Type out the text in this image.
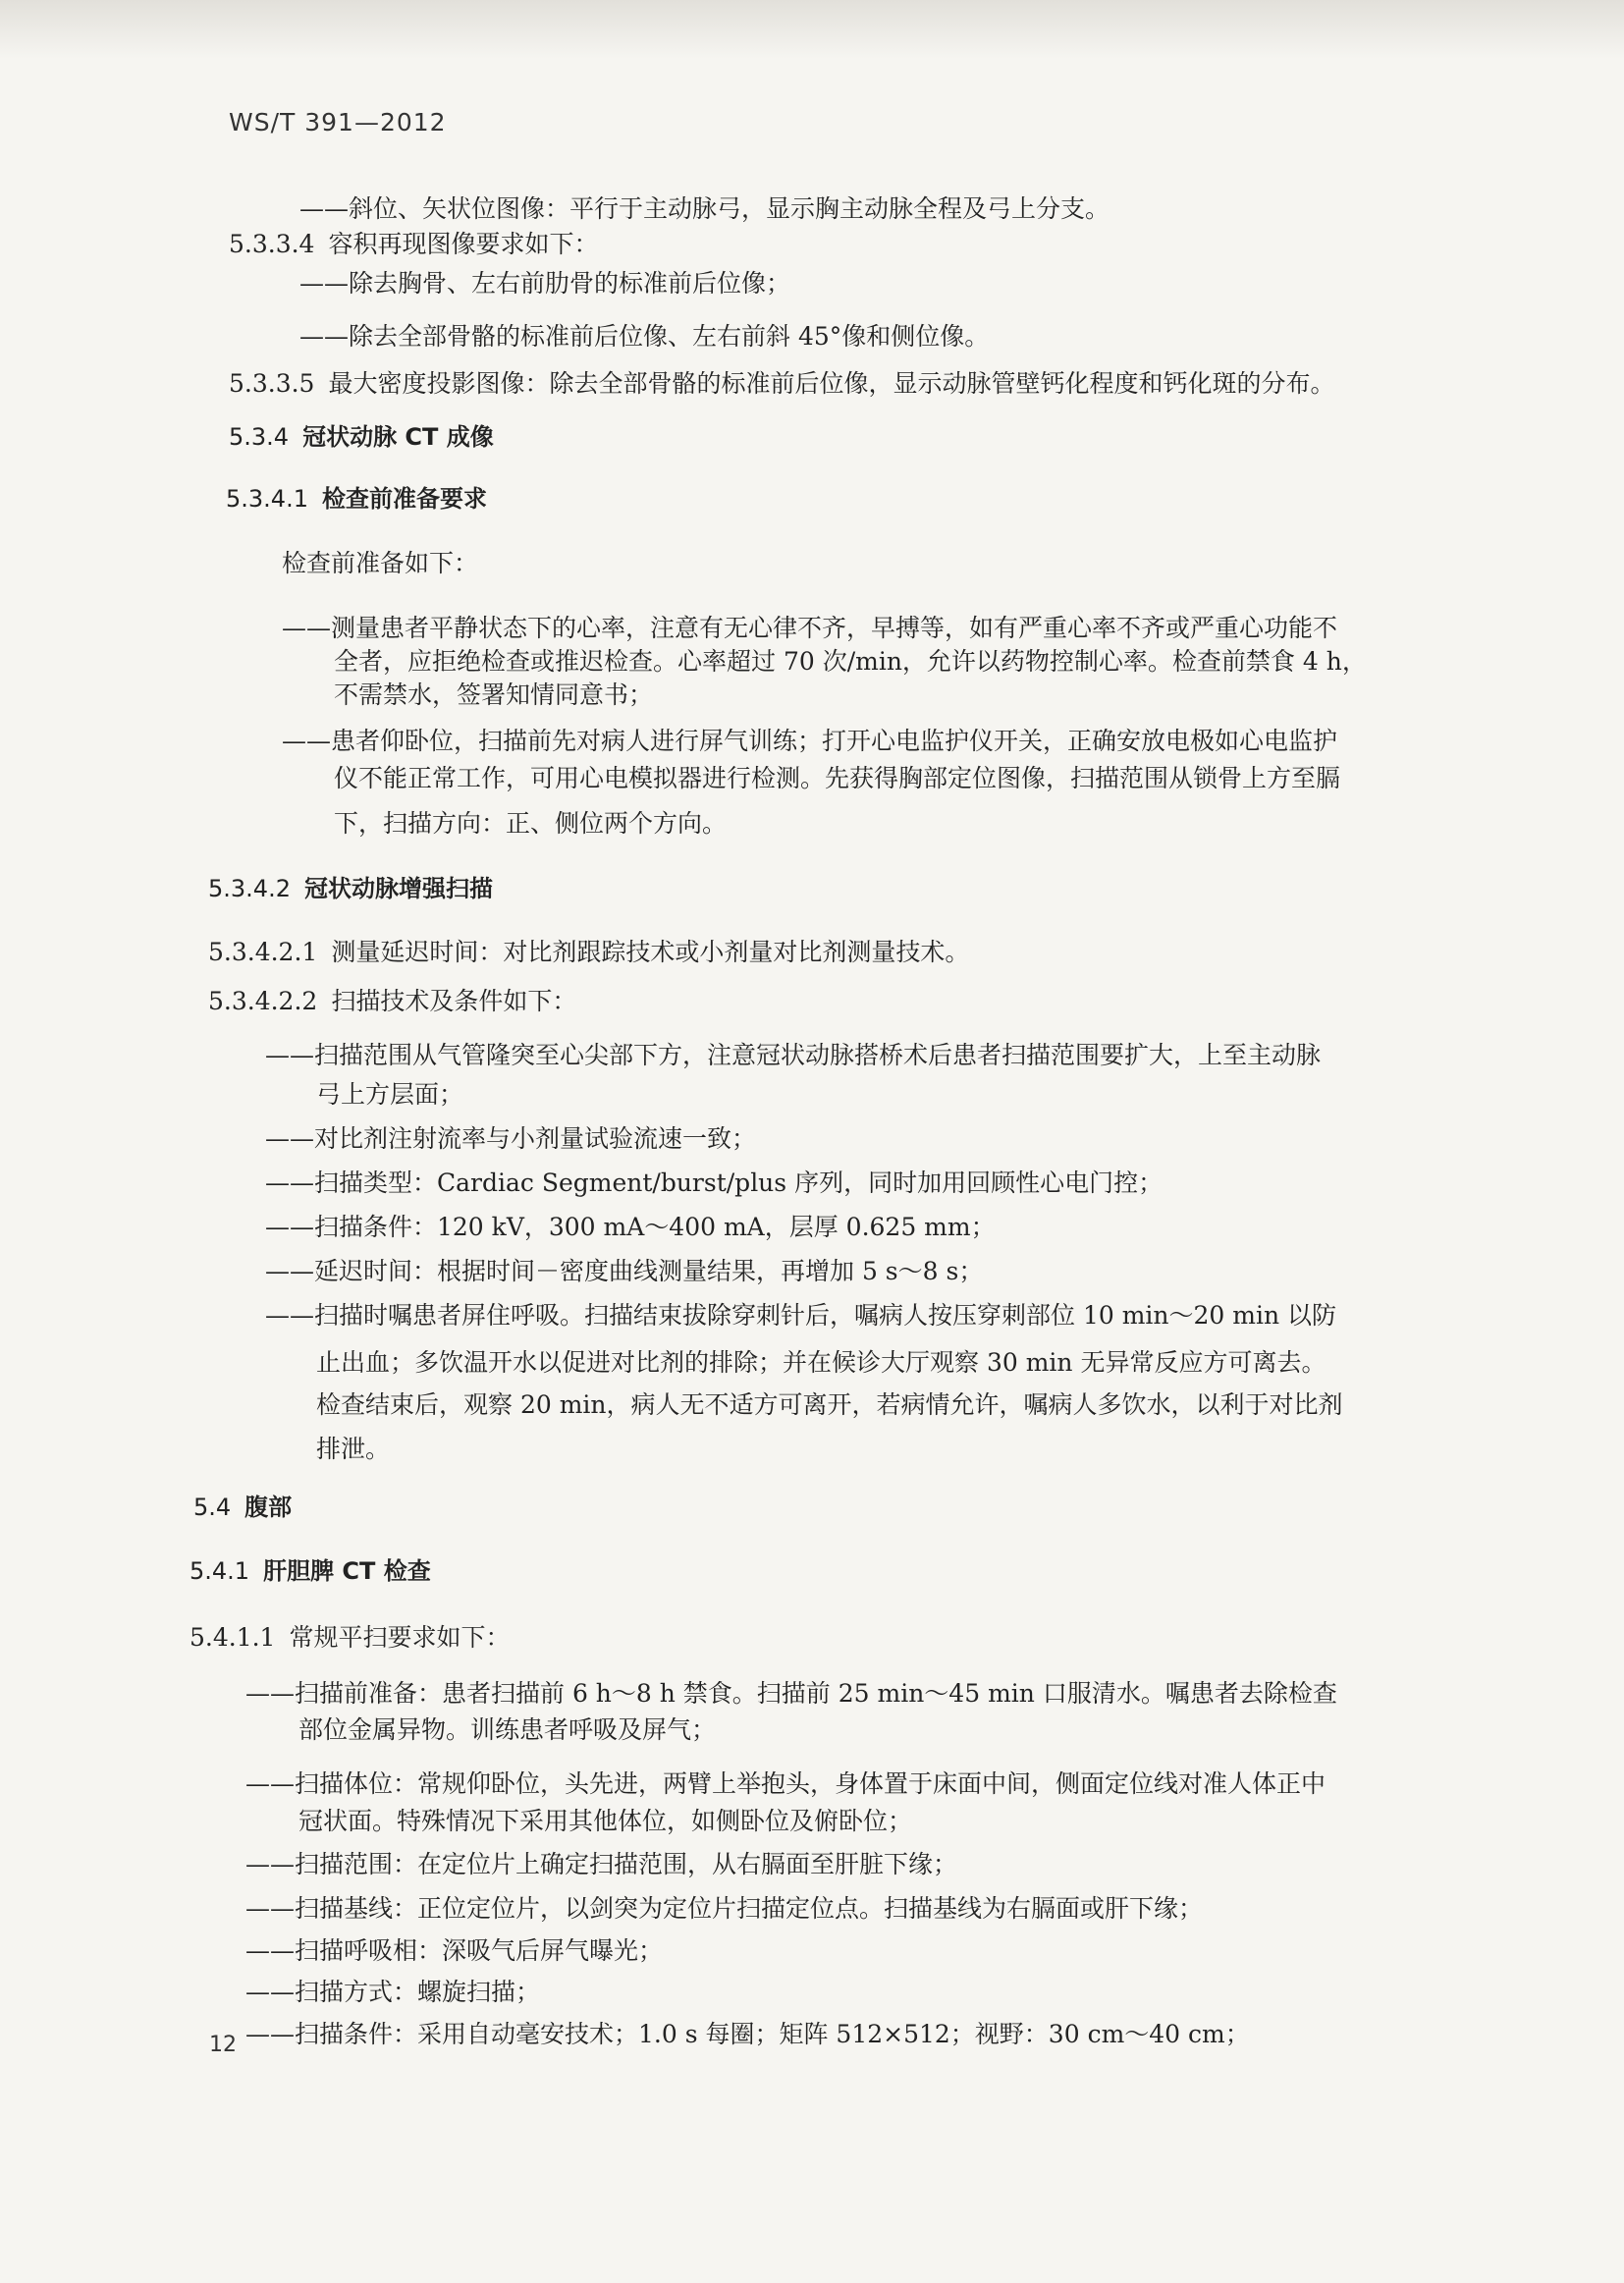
WS/T 391—2012
——斜位、矢状位图像：平行于主动脉弓，显示胸主动脉全程及弓上分支。
5.3.3.4 容积再现图像要求如下：
——除去胸骨、左右前肋骨的标准前后位像；
——除去全部骨骼的标准前后位像、左右前斜 45°像和侧位像。
5.3.3.5 最大密度投影图像：除去全部骨骼的标准前后位像，显示动脉管壁钙化程度和钙化斑的分布。
5.3.4 冠状动脉 CT 成像
5.3.4.1 检查前准备要求
检查前准备如下：
——测量患者平静状态下的心率，注意有无心律不齐，早搏等，如有严重心率不齐或严重心功能不
全者，应拒绝检查或推迟检查。心率超过 70 次/min，允许以药物控制心率。检查前禁食 4 h，
不需禁水，签署知情同意书；
——患者仰卧位，扫描前先对病人进行屏气训练；打开心电监护仪开关，正确安放电极如心电监护
仪不能正常工作，可用心电模拟器进行检测。先获得胸部定位图像，扫描范围从锁骨上方至膈
下，扫描方向：正、侧位两个方向。
5.3.4.2 冠状动脉增强扫描
5.3.4.2.1 测量延迟时间：对比剂跟踪技术或小剂量对比剂测量技术。
5.3.4.2.2 扫描技术及条件如下：
——扫描范围从气管隆突至心尖部下方，注意冠状动脉搭桥术后患者扫描范围要扩大，上至主动脉
弓上方层面；
——对比剂注射流率与小剂量试验流速一致；
——扫描类型：Cardiac Segment/burst/plus 序列，同时加用回顾性心电门控；
——扫描条件：120 kV，300 mA～400 mA，层厚 0.625 mm；
——延迟时间：根据时间－密度曲线测量结果，再增加 5 s～8 s；
——扫描时嘱患者屏住呼吸。扫描结束拔除穿刺针后，嘱病人按压穿刺部位 10 min～20 min 以防
止出血；多饮温开水以促进对比剂的排除；并在候诊大厅观察 30 min 无异常反应方可离去。
检查结束后，观察 20 min，病人无不适方可离开，若病情允许，嘱病人多饮水，以利于对比剂
排泄。
5.4 腹部
5.4.1 肝胆脾 CT 检查
5.4.1.1 常规平扫要求如下：
——扫描前准备：患者扫描前 6 h～8 h 禁食。扫描前 25 min～45 min 口服清水。嘱患者去除检查
部位金属异物。训练患者呼吸及屏气；
——扫描体位：常规仰卧位，头先进，两臂上举抱头，身体置于床面中间，侧面定位线对准人体正中
冠状面。特殊情况下采用其他体位，如侧卧位及俯卧位；
——扫描范围：在定位片上确定扫描范围，从右膈面至肝脏下缘；
——扫描基线：正位定位片，以剑突为定位片扫描定位点。扫描基线为右膈面或肝下缘；
——扫描呼吸相：深吸气后屏气曝光；
——扫描方式：螺旋扫描；
——扫描条件：采用自动毫安技术；1.0 s 每圈；矩阵 512×512；视野：30 cm～40 cm；
12
